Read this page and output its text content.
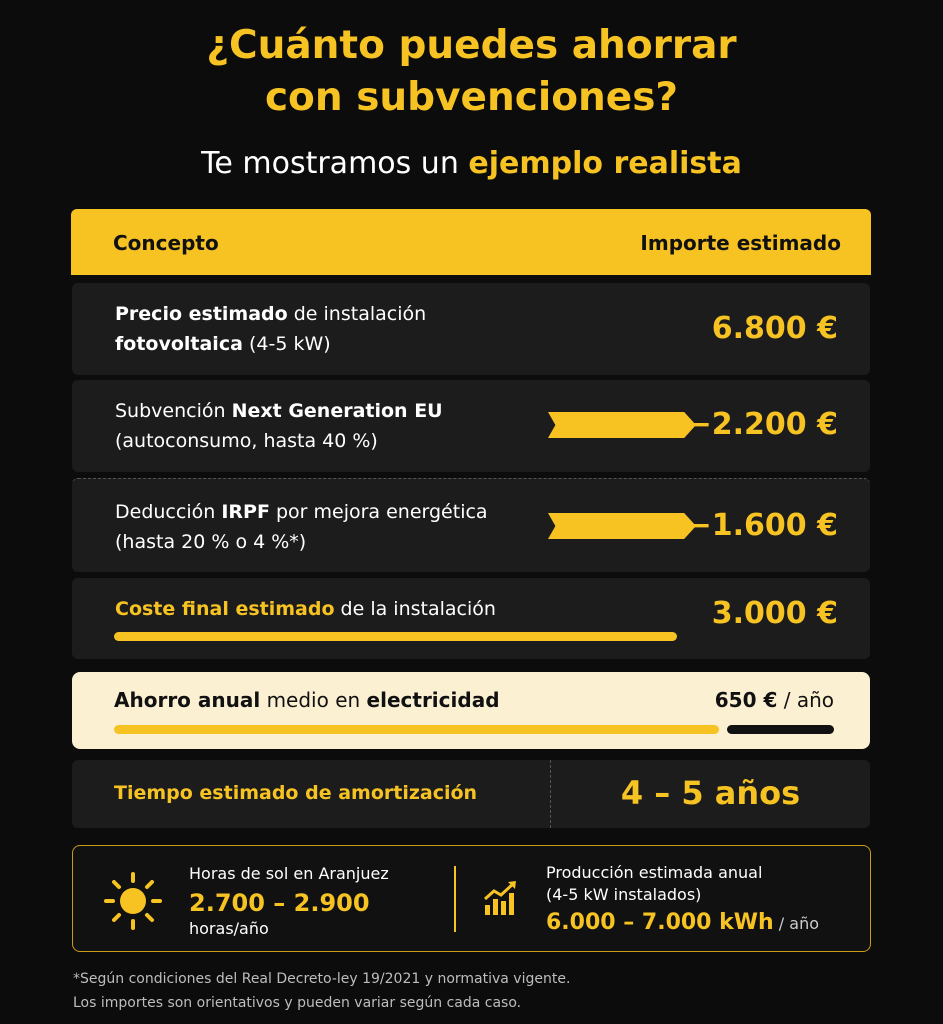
¿Cuánto puedes ahorrar
con subvenciones?
Te mostramos un ejemplo realista
Concepto	Importe estimado
Precio estimado de instalación
fotovoltaica (4-5 kW)	6.800 €
Subvención Next Generation EU
(autoconsumo, hasta 40 %)	−2.200 €
Deducción IRPF por mejora energética
(hasta 20 % o 4 %*)	−1.600 €
Coste final estimado de la instalación	3.000 €
Ahorro anual medio en electricidad	650 € / año
Tiempo estimado de amortización	4 – 5 años
Horas de sol en Aranjuez
2.700 – 2.900
horas/año
Producción estimada anual
(4-5 kW instalados)
6.000 – 7.000 kWh / año
*Según condiciones del Real Decreto-ley 19/2021 y normativa vigente.
Los importes son orientativos y pueden variar según cada caso.
